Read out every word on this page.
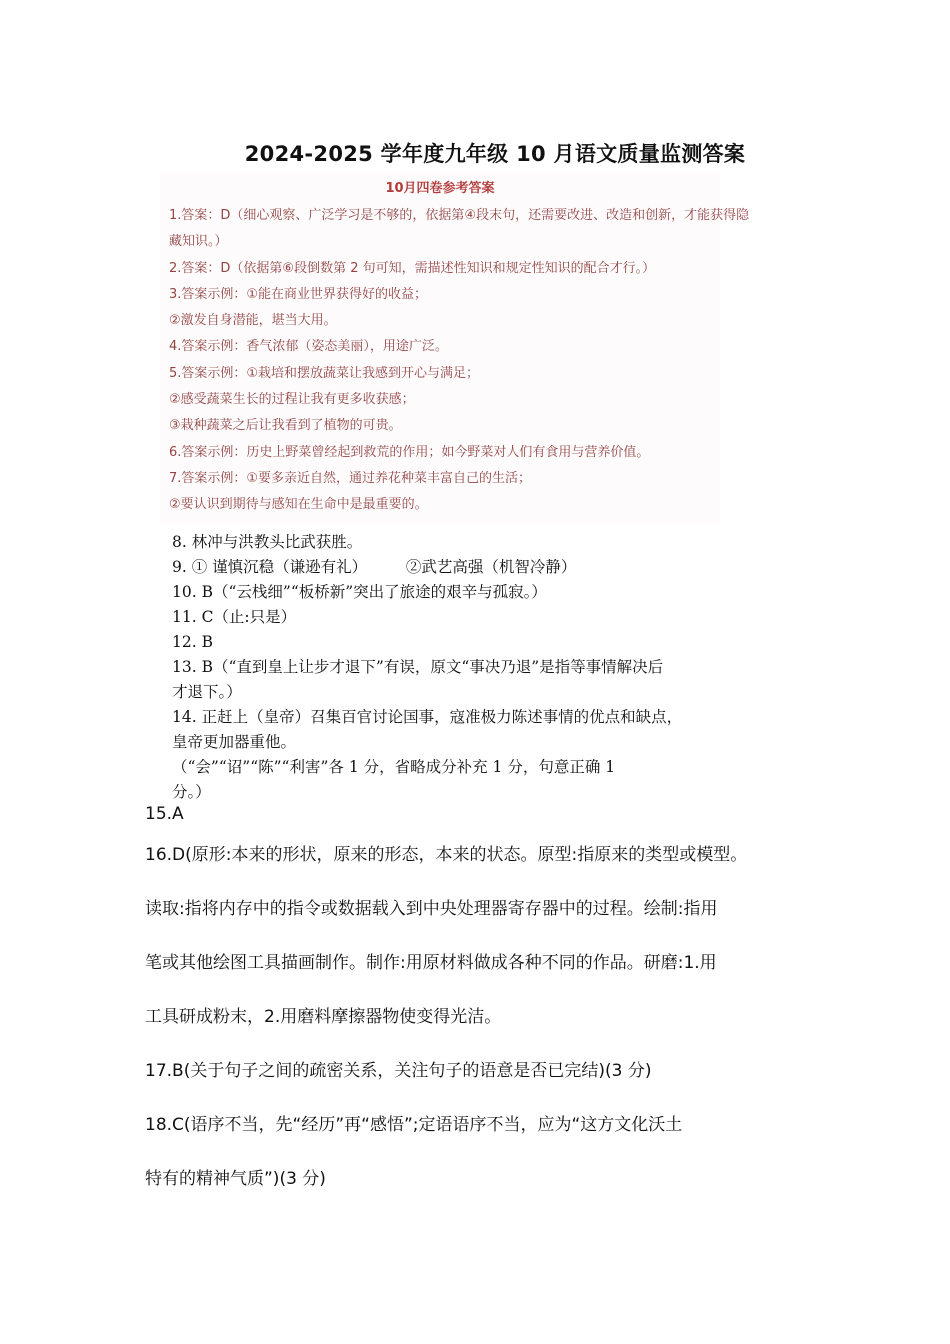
2024-2025 学年度九年级 10 月语文质量监测答案
10月四卷参考答案
1.答案：D（细心观察、广泛学习是不够的，依据第④段末句，还需要改进、改造和创新，才能获得隐
藏知识。）
2.答案：D（依据第⑥段倒数第 2 句可知，需描述性知识和规定性知识的配合才行。）
3.答案示例：①能在商业世界获得好的收益；
②激发自身潜能，堪当大用。
4.答案示例：香气浓郁（姿态美丽），用途广泛。
5.答案示例：①栽培和摆放蔬菜让我感到开心与满足；
②感受蔬菜生长的过程让我有更多收获感；
③栽种蔬菜之后让我看到了植物的可贵。
6.答案示例：历史上野菜曾经起到救荒的作用；如今野菜对人们有食用与营养价值。
7.答案示例：①要多亲近自然，通过养花种菜丰富自己的生活；
②要认识到期待与感知在生命中是最重要的。
8. 林冲与洪教头比武获胜。
9. ① 谨慎沉稳（谦逊有礼）　　　②武艺高强（机智冷静）
10. B（“云栈细”“板桥新”突出了旅途的艰辛与孤寂。）
11. C（止:只是）
12. B
13. B（“直到皇上让步才退下”有误，原文“事决乃退”是指等事情解决后
才退下。）
14. 正赶上（皇帝）召集百官讨论国事，寇准极力陈述事情的优点和缺点，
皇帝更加器重他。
（“会”“诏”“陈”“利害”各 1 分，省略成分补充 1 分，句意正确 1
分。）
15.A
16.D(原形:本来的形状，原来的形态，本来的状态。原型:指原来的类型或模型。
读取:指将内存中的指令或数据载入到中央处理器寄存器中的过程。绘制:指用
笔或其他绘图工具描画制作。制作:用原材料做成各种不同的作品。研磨:1.用
工具研成粉末，2.用磨料摩擦器物使变得光洁。
17.B(关于句子之间的疏密关系，关注句子的语意是否已完结)(3 分)
18.C(语序不当，先“经历”再“感悟”;定语语序不当，应为“这方文化沃土
特有的精神气质”)(3 分)
